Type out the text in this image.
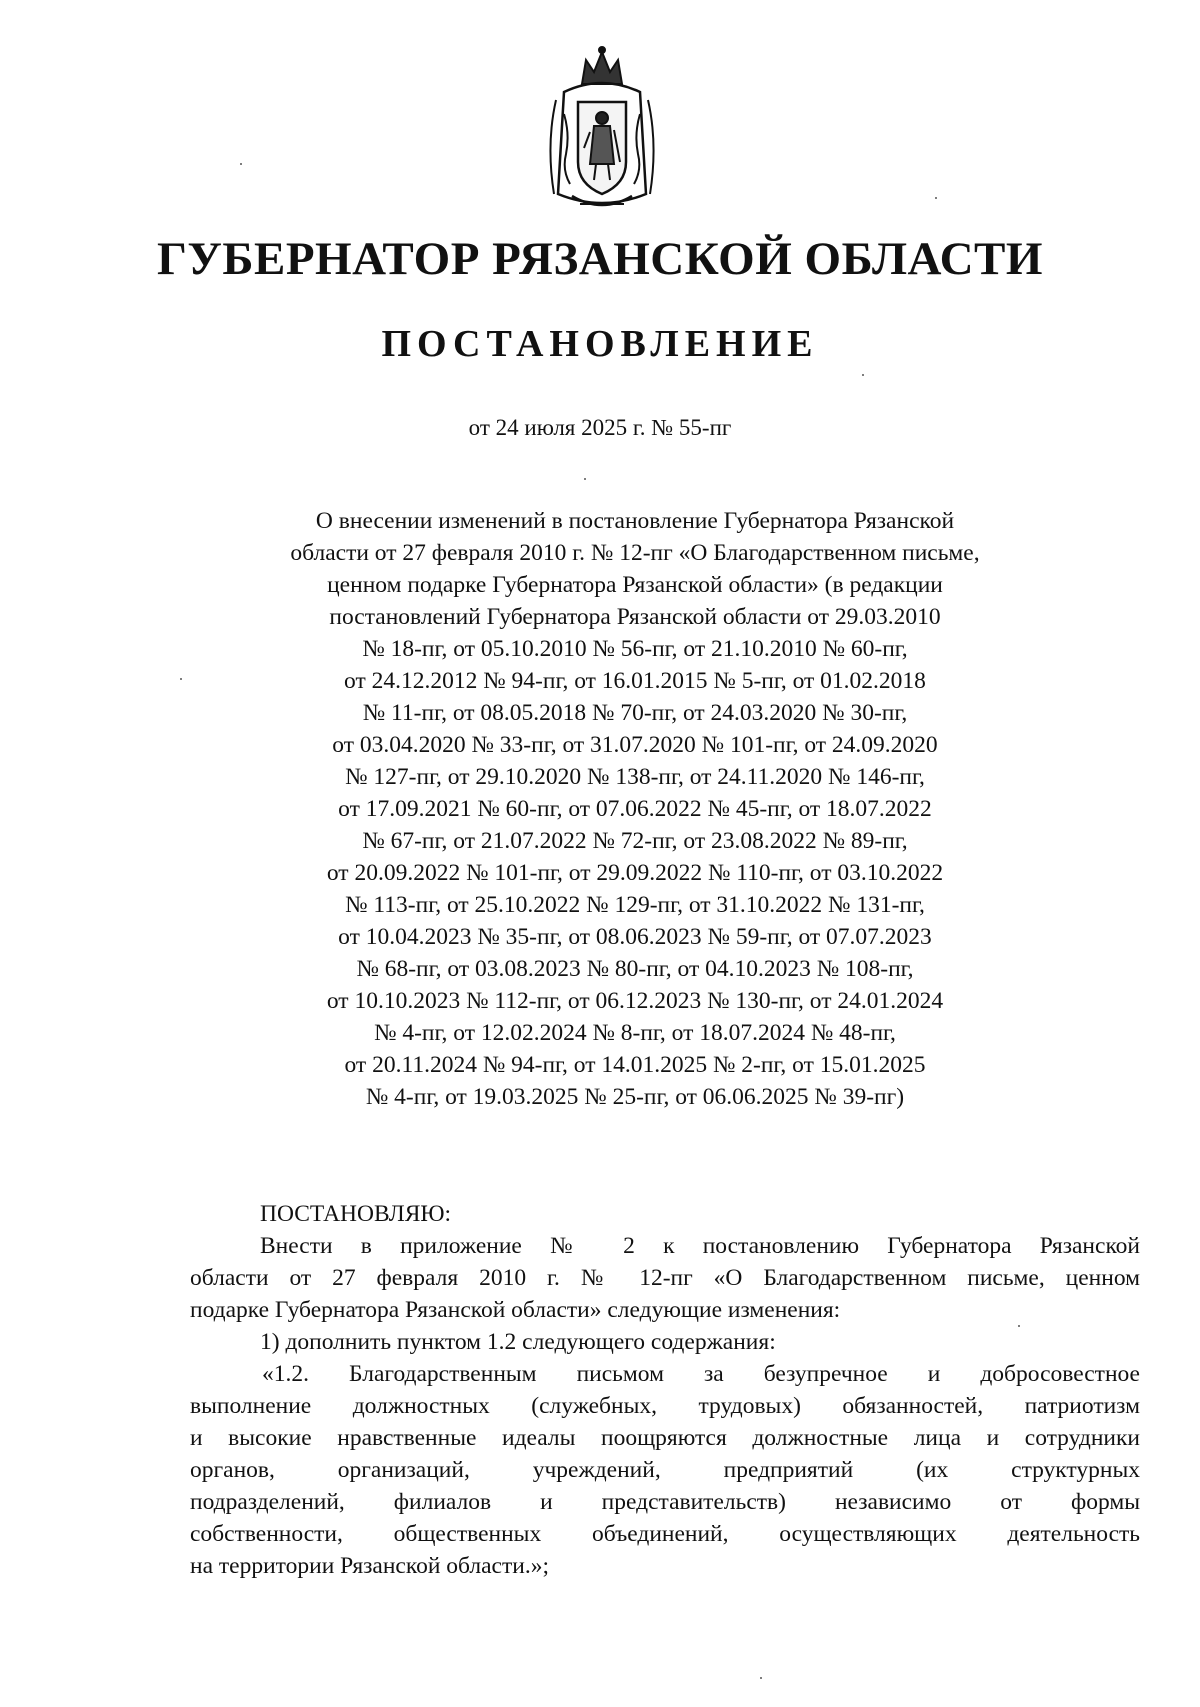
ГУБЕРНАТОР РЯЗАНСКОЙ ОБЛАСТИ
ПОСТАНОВЛЕНИЕ
от 24 июля 2025 г. № 55-пг
О внесении изменений в постановление Губернатора Рязанской
области от 27 февраля 2010 г. № 12-пг «О Благодарственном письме,
ценном подарке Губернатора Рязанской области» (в редакции
постановлений Губернатора Рязанской области от 29.03.2010
№ 18-пг, от 05.10.2010 № 56-пг, от 21.10.2010 № 60-пг,
от 24.12.2012 № 94-пг, от 16.01.2015 № 5-пг, от 01.02.2018
№ 11-пг, от 08.05.2018 № 70-пг, от 24.03.2020 № 30-пг,
от 03.04.2020 № 33-пг, от 31.07.2020 № 101-пг, от 24.09.2020
№ 127-пг, от 29.10.2020 № 138-пг, от 24.11.2020 № 146-пг,
от 17.09.2021 № 60-пг, от 07.06.2022 № 45-пг, от 18.07.2022
№ 67-пг, от 21.07.2022 № 72-пг, от 23.08.2022 № 89-пг,
от 20.09.2022 № 101-пг, от 29.09.2022 № 110-пг, от 03.10.2022
№ 113-пг, от 25.10.2022 № 129-пг, от 31.10.2022 № 131-пг,
от 10.04.2023 № 35-пг, от 08.06.2023 № 59-пг, от 07.07.2023
№ 68-пг, от 03.08.2023 № 80-пг, от 04.10.2023 № 108-пг,
от 10.10.2023 № 112-пг, от 06.12.2023 № 130-пг, от 24.01.2024
№ 4-пг, от 12.02.2024 № 8-пг, от 18.07.2024 № 48-пг,
от 20.11.2024 № 94-пг, от 14.01.2025 № 2-пг, от 15.01.2025
№ 4-пг, от 19.03.2025 № 25-пг, от 06.06.2025 № 39-пг)
ПОСТАНОВЛЯЮ:
Внести в приложение № 2 к постановлению Губернатора Рязанской
области от 27 февраля 2010 г. № 12-пг «О Благодарственном письме, ценном
подарке Губернатора Рязанской области» следующие изменения:
1) дополнить пунктом 1.2 следующего содержания:
«1.2. Благодарственным письмом за безупречное и добросовестное
выполнение должностных (служебных, трудовых) обязанностей, патриотизм
и высокие нравственные идеалы поощряются должностные лица и сотрудники
органов, организаций, учреждений, предприятий (их структурных
подразделений, филиалов и представительств) независимо от формы
собственности, общественных объединений, осуществляющих деятельность
на территории Рязанской области.»;
